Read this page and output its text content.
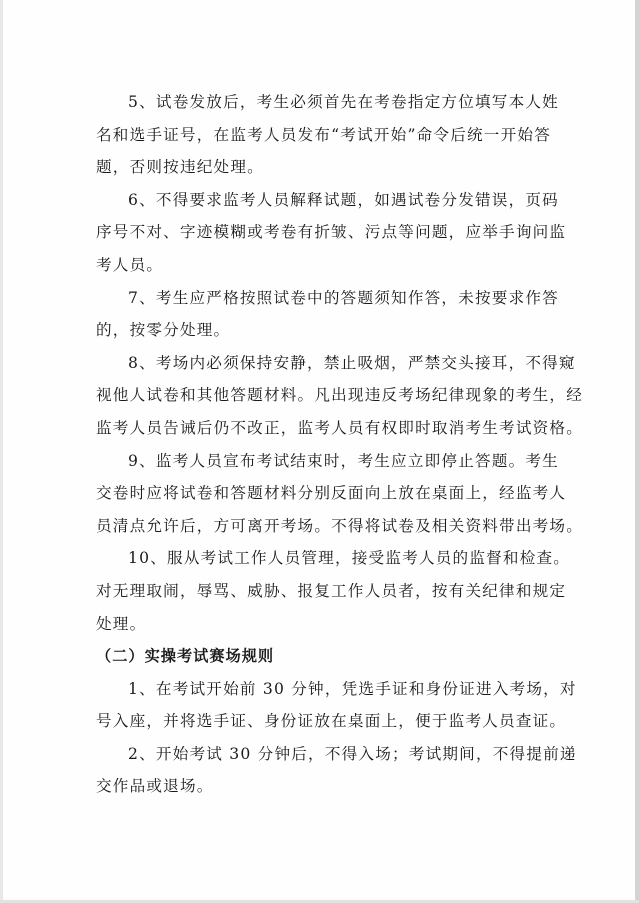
5、试卷发放后，考生必须首先在考卷指定方位填写本人姓
名和选手证号，在监考人员发布“考试开始”命令后统一开始答
题，否则按违纪处理。

6、不得要求监考人员解释试题，如遇试卷分发错误，页码
序号不对、字迹模糊或考卷有折皱、污点等问题，应举手询问监
考人员。

7、考生应严格按照试卷中的答题须知作答，未按要求作答
的，按零分处理。

8、考场内必须保持安静，禁止吸烟，严禁交头接耳，不得窥
视他人试卷和其他答题材料。凡出现违反考场纪律现象的考生，经
监考人员告诫后仍不改正，监考人员有权即时取消考生考试资格。

9、监考人员宣布考试结束时，考生应立即停止答题。考生
交卷时应将试卷和答题材料分别反面向上放在桌面上，经监考人
员清点允许后，方可离开考场。不得将试卷及相关资料带出考场。

10、服从考试工作人员管理，接受监考人员的监督和检查。
对无理取闹，辱骂、威胁、报复工作人员者，按有关纪律和规定
处理。

（二）实操考试赛场规则

1、在考试开始前 30 分钟，凭选手证和身份证进入考场，对
号入座，并将选手证、身份证放在桌面上，便于监考人员查证。

2、开始考试 30 分钟后，不得入场；考试期间，不得提前递
交作品或退场。
